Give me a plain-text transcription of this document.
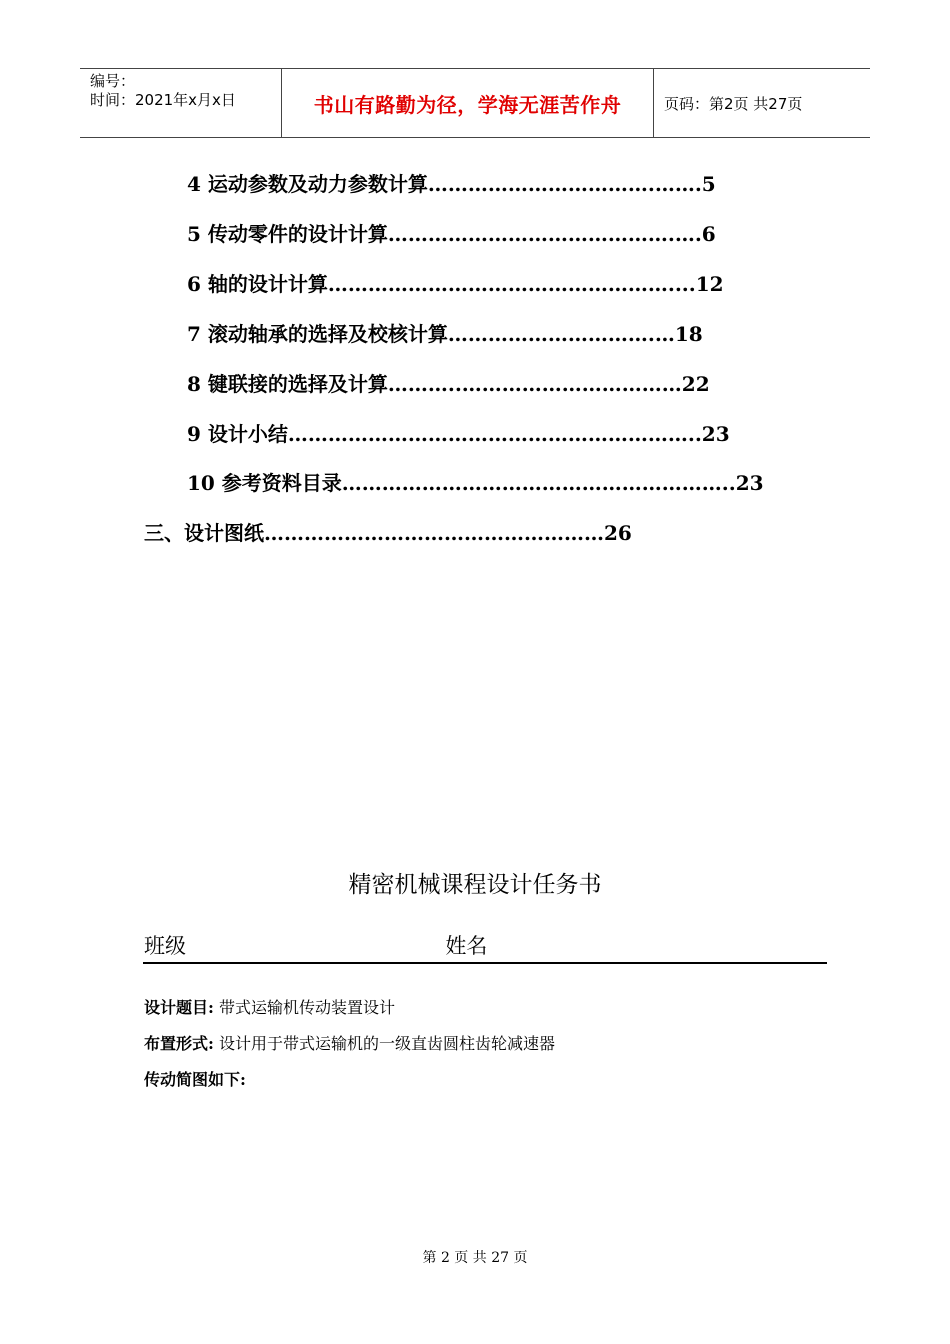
编号：
时间：2021年x月x日	书山有路勤为径，学海无涯苦作舟	页码：第2页 共27页
4 运动参数及动力参数计算…………………………….…….5
5 传动零件的设计计算…………………………………….….6
6 轴的设计计算……………………………………………....12
7 滚动轴承的选择及校核计算………………………….…18
8 键联接的选择及计算………..……………………………22
9 设计小结……………………………………………………..23
10 参考资料目录…………………………………………………..23
三、设计图纸……………………………………………26
精密机械课程设计任务书
班级	姓名
设计题目: 带式运输机传动装置设计
布置形式: 设计用于带式运输机的一级直齿圆柱齿轮减速器
传动简图如下:
第 2 页 共 27 页
